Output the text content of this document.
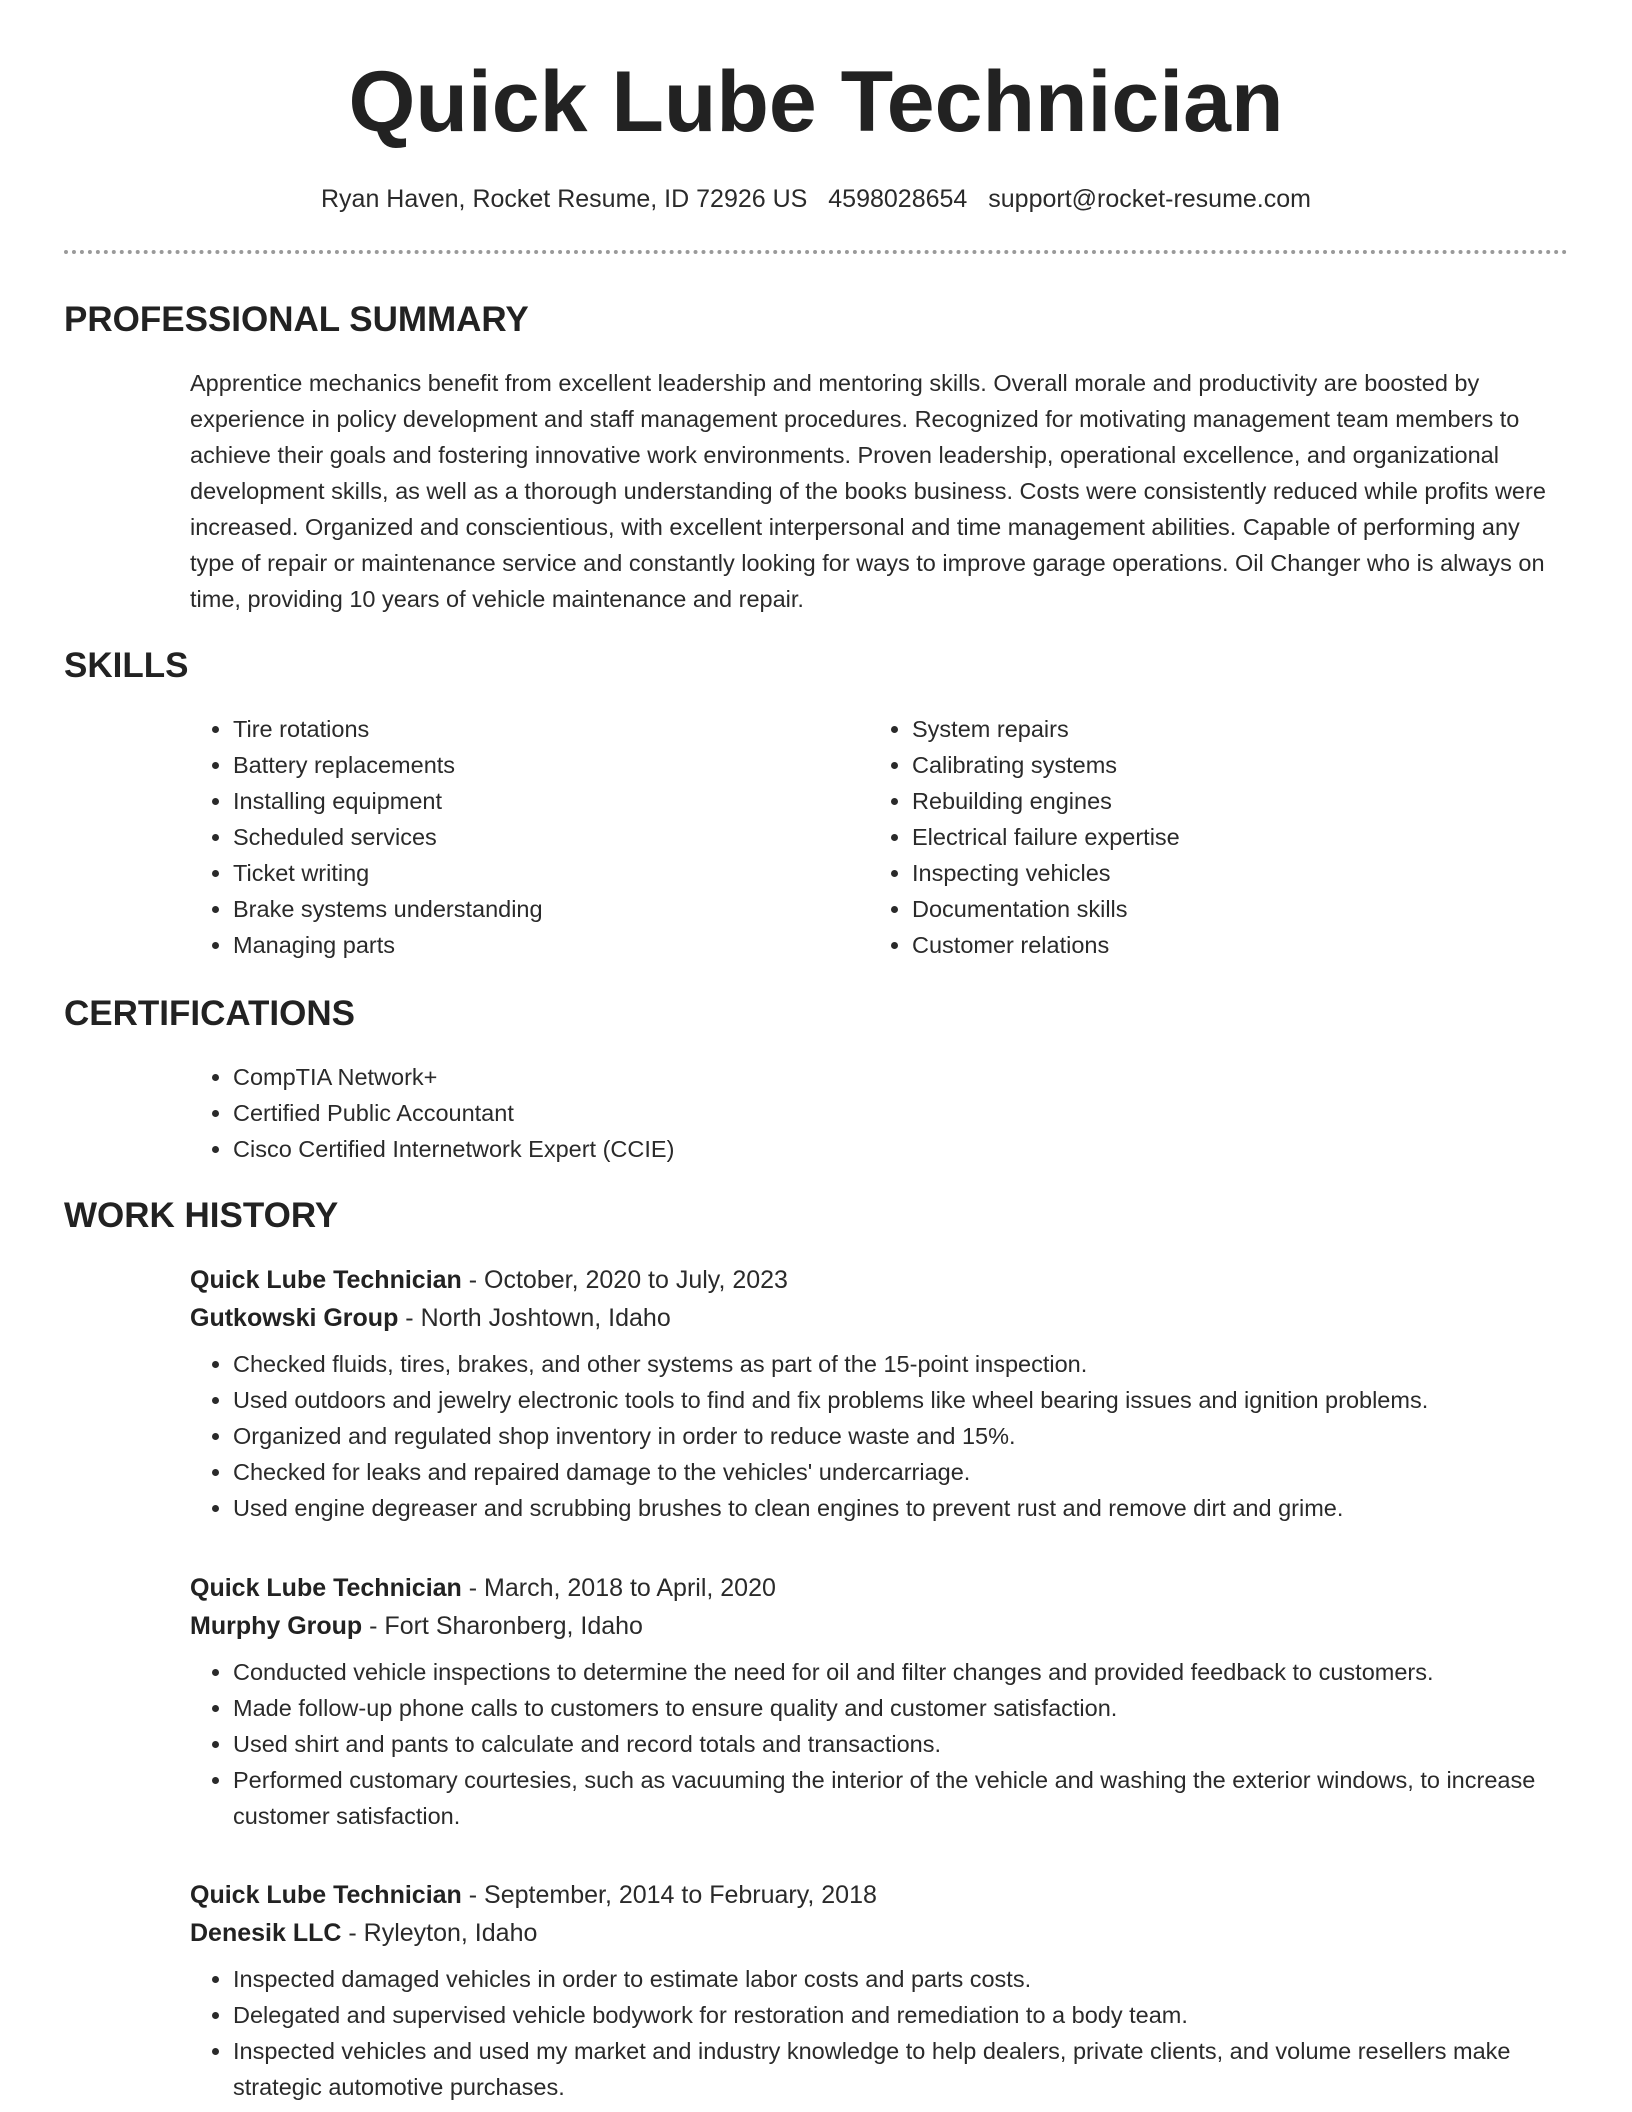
Quick Lube Technician
Ryan Haven, Rocket Resume, ID 72926 US 4598028654 support@rocket-resume.com
PROFESSIONAL SUMMARY

Apprentice mechanics benefit from excellent leadership and mentoring skills. Overall morale and productivity are boosted by experience in policy development and staff management procedures. Recognized for motivating management team members to achieve their goals and fostering innovative work environments. Proven leadership, operational excellence, and organizational development skills, as well as a thorough understanding of the books business. Costs were consistently reduced while profits were increased. Organized and conscientious, with excellent interpersonal and time management abilities. Capable of performing any type of repair or maintenance service and constantly looking for ways to improve garage operations. Oil Changer who is always on time, providing 10 years of vehicle maintenance and repair.

SKILLS
• Tire rotations
• Battery replacements
• Installing equipment
• Scheduled services
• Ticket writing
• Brake systems understanding
• Managing parts
• System repairs
• Calibrating systems
• Rebuilding engines
• Electrical failure expertise
• Inspecting vehicles
• Documentation skills
• Customer relations
CERTIFICATIONS
• CompTIA Network+
• Certified Public Accountant
• Cisco Certified Internetwork Expert (CCIE)
WORK HISTORY
Quick Lube Technician - October, 2020 to July, 2023
Gutkowski Group - North Joshtown, Idaho
• Checked fluids, tires, brakes, and other systems as part of the 15-point inspection.
• Used outdoors and jewelry electronic tools to find and fix problems like wheel bearing issues and ignition problems.
• Organized and regulated shop inventory in order to reduce waste and 15%.
• Checked for leaks and repaired damage to the vehicles' undercarriage.
• Used engine degreaser and scrubbing brushes to clean engines to prevent rust and remove dirt and grime.
Quick Lube Technician - March, 2018 to April, 2020
Murphy Group - Fort Sharonberg, Idaho
• Conducted vehicle inspections to determine the need for oil and filter changes and provided feedback to customers.
• Made follow-up phone calls to customers to ensure quality and customer satisfaction.
• Used shirt and pants to calculate and record totals and transactions.
• Performed customary courtesies, such as vacuuming the interior of the vehicle and washing the exterior windows, to increase customer satisfaction.
Quick Lube Technician - September, 2014 to February, 2018
Denesik LLC - Ryleyton, Idaho
• Inspected damaged vehicles in order to estimate labor costs and parts costs.
• Delegated and supervised vehicle bodywork for restoration and remediation to a body team.
• Inspected vehicles and used my market and industry knowledge to help dealers, private clients, and volume resellers make strategic automotive purchases.
